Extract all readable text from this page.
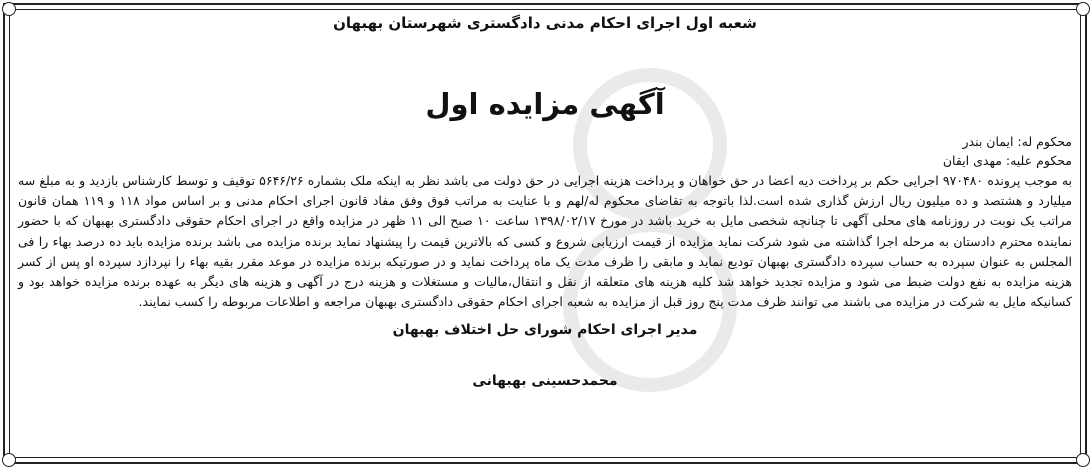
شعبه اول اجرای احکام مدنی دادگستری شهرستان بهبهان
آگهی مزایده اول
محکوم له: ایمان بندر
محکوم علیه: مهدی ایقان
به موجب پرونده ۹۷۰۴۸۰ اجرایی حکم بر پرداخت دیه اعضا در حق خواهان و پرداخت هزینه اجرایی در حق دولت می باشد نظر به اینکه ملک بشماره ۵۶۴۶/۲۶ توقیف و توسط کارشناس بازدید و به مبلغ سه میلیارد و هشتصد و ده میلیون ریال ارزش گذاری شده است.لذا باتوجه به تقاضای محکوم له/لهم و با عنایت به مراتب فوق وفق مفاد قانون اجرای احکام مدنی و بر اساس مواد ۱۱۸ و ۱۱۹ همان قانون مراتب یک نوبت در روزنامه های محلی آگهی تا چنانچه شخصی مایل به خرید باشد در مورخ ۱۳۹۸/۰۲/۱۷ ساعت ۱۰ صبح الی ۱۱ ظهر در مزایده واقع در اجرای احکام حقوقی دادگستری بهبهان که با حضور نماینده محترم دادستان به مرحله اجرا گذاشته می شود شرکت نماید مزایده از قیمت ارزیابی شروع و کسی که بالاترین قیمت را پیشنهاد نماید برنده مزایده می باشد برنده مزایده باید ده درصد بهاء را فی المجلس به عنوان سپرده به حساب سپرده دادگستری بهبهان توديع نماید و مابقی را ظرف مدت یک ماه پرداخت نماید و در صورتیکه برنده مزایده در موعد مقرر بقیه بهاء را نپردازد سپرده او پس از کسر هزینه مزایده به نفع دولت ضبط می شود و مزایده تجدید خواهد شد کلیه هزینه های متعلقه از نقل و انتقال،مالیات و مستغلات و هزینه درج در آگهی و هزینه های دیگر به عهده برنده مزایده خواهد بود و کسانیکه مایل به شرکت در مزایده می باشند می توانند ظرف مدت پنج روز قبل از مزایده به شعبه اجرای احکام حقوقی دادگستری بهبهان مراجعه و اطلاعات مربوطه را کسب نمایند.
مدیر اجرای احکام شورای حل اختلاف بهبهان
محمدحسینی بهبهانی
